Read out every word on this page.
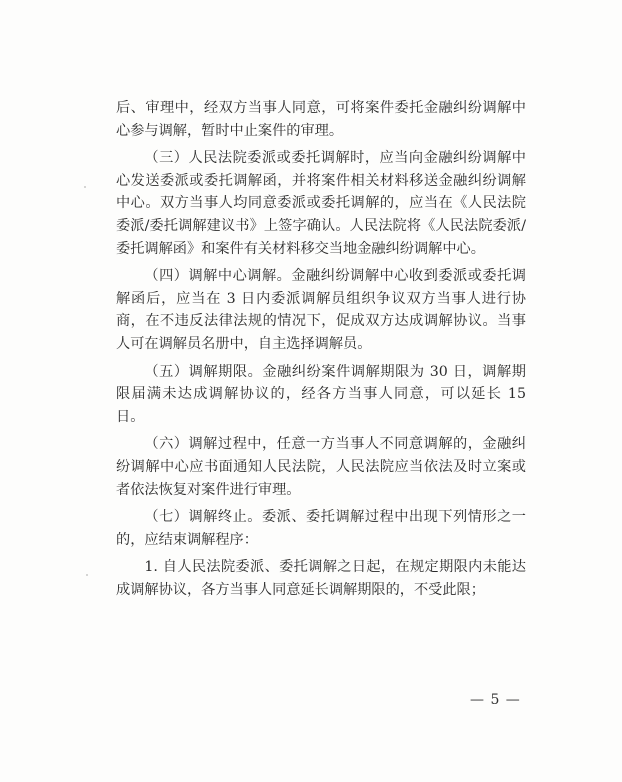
后、审理中，经双方当事人同意，可将案件委托金融纠纷调解中心参与调解，暂时中止案件的审理。

（三）人民法院委派或委托调解时，应当向金融纠纷调解中心发送委派或委托调解函，并将案件相关材料移送金融纠纷调解中心。双方当事人均同意委派或委托调解的，应当在《人民法院委派/委托调解建议书》上签字确认。人民法院将《人民法院委派/委托调解函》和案件有关材料移交当地金融纠纷调解中心。

（四）调解中心调解。金融纠纷调解中心收到委派或委托调解函后，应当在 3 日内委派调解员组织争议双方当事人进行协商，在不违反法律法规的情况下，促成双方达成调解协议。当事人可在调解员名册中，自主选择调解员。

（五）调解期限。金融纠纷案件调解期限为 30 日，调解期限届满未达成调解协议的，经各方当事人同意，可以延长 15 日。

（六）调解过程中，任意一方当事人不同意调解的，金融纠纷调解中心应书面通知人民法院，人民法院应当依法及时立案或者依法恢复对案件进行审理。

（七）调解终止。委派、委托调解过程中出现下列情形之一的，应结束调解程序：

1. 自人民法院委派、委托调解之日起，在规定期限内未能达成调解协议，各方当事人同意延长调解期限的，不受此限；

— 5 —
